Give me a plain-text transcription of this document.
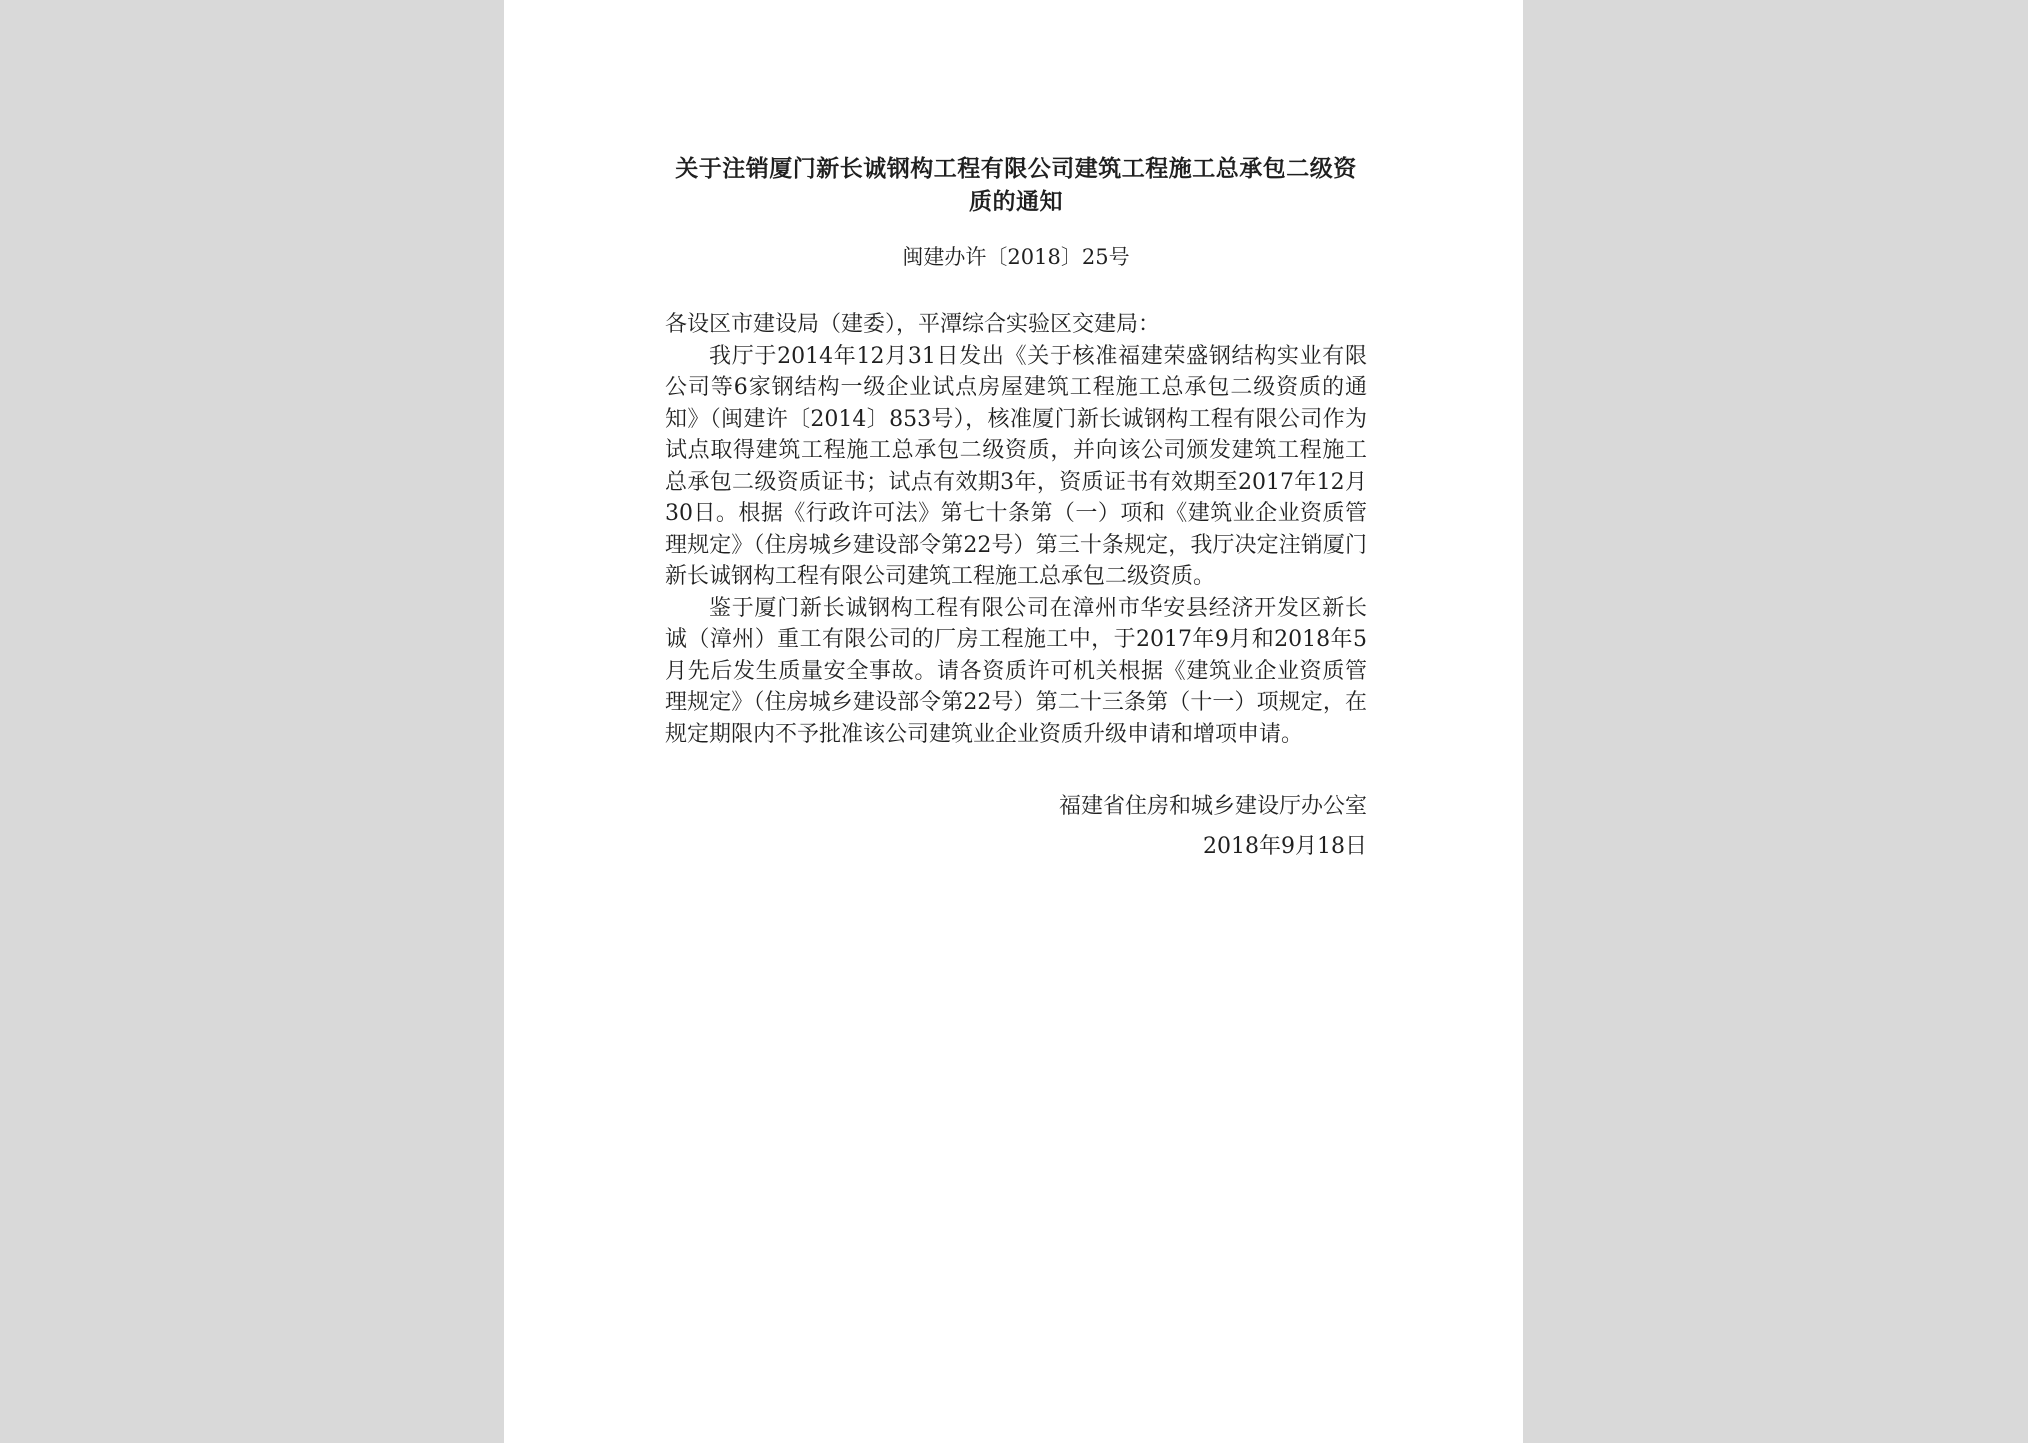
关于注销厦门新长诚钢构工程有限公司建筑工程施工总承包二级资质的通知
闽建办许〔2018〕25号

各设区市建设局（建委），平潭综合实验区交建局：

我厅于2014年12月31日发出《关于核准福建荣盛钢结构实业有限公司等6家钢结构一级企业试点房屋建筑工程施工总承包二级资质的通知》（闽建许〔2014〕853号），核准厦门新长诚钢构工程有限公司作为试点取得建筑工程施工总承包二级资质，并向该公司颁发建筑工程施工总承包二级资质证书；试点有效期3年，资质证书有效期至2017年12月30日。根据《行政许可法》第七十条第（一）项和《建筑业企业资质管理规定》（住房城乡建设部令第22号）第三十条规定，我厅决定注销厦门新长诚钢构工程有限公司建筑工程施工总承包二级资质。

鉴于厦门新长诚钢构工程有限公司在漳州市华安县经济开发区新长诚（漳州）重工有限公司的厂房工程施工中，于2017年9月和2018年5月先后发生质量安全事故。请各资质许可机关根据《建筑业企业资质管理规定》（住房城乡建设部令第22号）第二十三条第（十一）项规定，在规定期限内不予批准该公司建筑业企业资质升级申请和增项申请。

福建省住房和城乡建设厅办公室
2018年9月18日
